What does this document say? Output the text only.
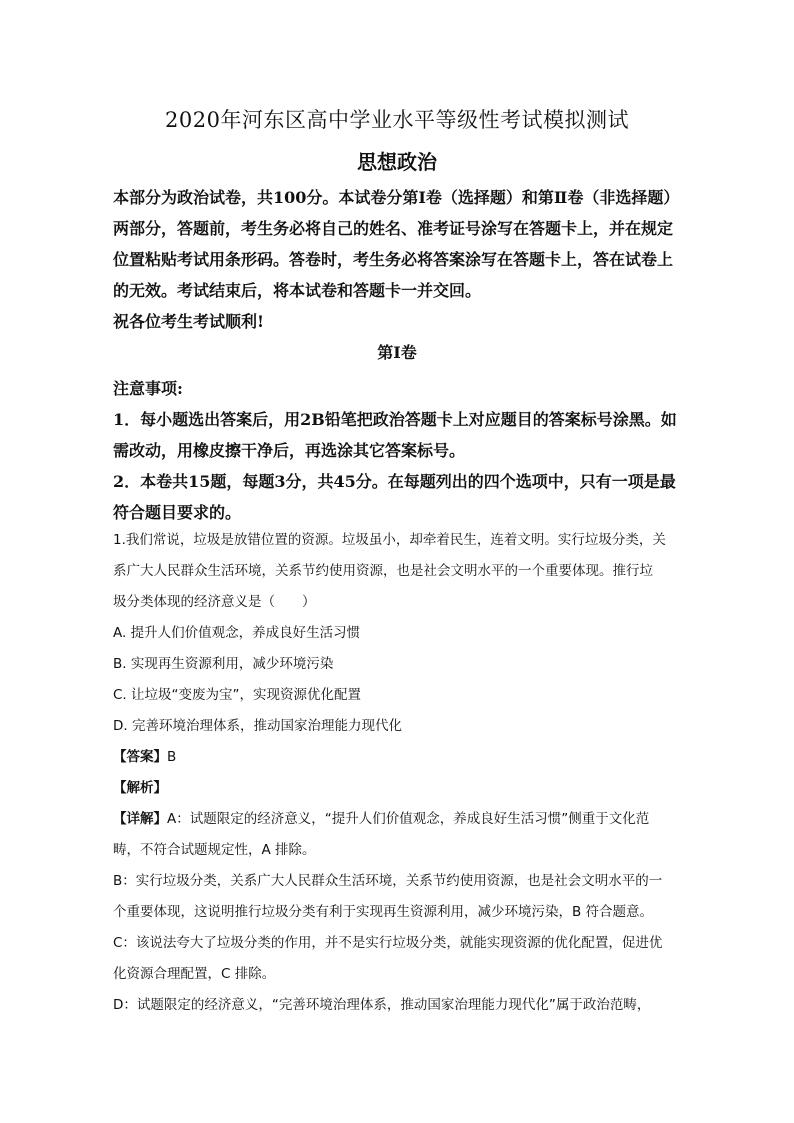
2020年河东区高中学业水平等级性考试模拟测试
思想政治

本部分为政治试卷，共100分。本试卷分第Ⅰ卷（选择题）和第Ⅱ卷（非选择题）

两部分，答题前，考生务必将自己的姓名、准考证号涂写在答题卡上，并在规定

位置粘贴考试用条形码。答卷时，考生务必将答案涂写在答题卡上，答在试卷上

的无效。考试结束后，将本试卷和答题卡一并交回。

祝各位考生考试顺利!

第Ⅰ卷

注意事项:

1．每小题选出答案后，用2B铅笔把政治答题卡上对应题目的答案标号涂黑。如

需改动，用橡皮擦干净后，再选涂其它答案标号。

2．本卷共15题，每题3分，共45分。在每题列出的四个选项中，只有一项是最

符合题目要求的。

1.我们常说，垃圾是放错位置的资源。垃圾虽小，却牵着民生，连着文明。实行垃圾分类，关

系广大人民群众生活环境，关系节约使用资源，也是社会文明水平的一个重要体现。推行垃

圾分类体现的经济意义是（　　）

A. 提升人们价值观念，养成良好生活习惯

B. 实现再生资源利用，减少环境污染

C. 让垃圾“变废为宝”，实现资源优化配置

D. 完善环境治理体系，推动国家治理能力现代化

【答案】B

【解析】

【详解】A：试题限定的经济意义，“提升人们价值观念，养成良好生活习惯”侧重于文化范

畴，不符合试题规定性，A 排除。

B：实行垃圾分类，关系广大人民群众生活环境，关系节约使用资源，也是社会文明水平的一

个重要体现，这说明推行垃圾分类有利于实现再生资源利用，减少环境污染，B 符合题意。

C：该说法夸大了垃圾分类的作用，并不是实行垃圾分类，就能实现资源的优化配置，促进优

化资源合理配置，C 排除。

D：试题限定的经济意义，“完善环境治理体系，推动国家治理能力现代化”属于政治范畴，
